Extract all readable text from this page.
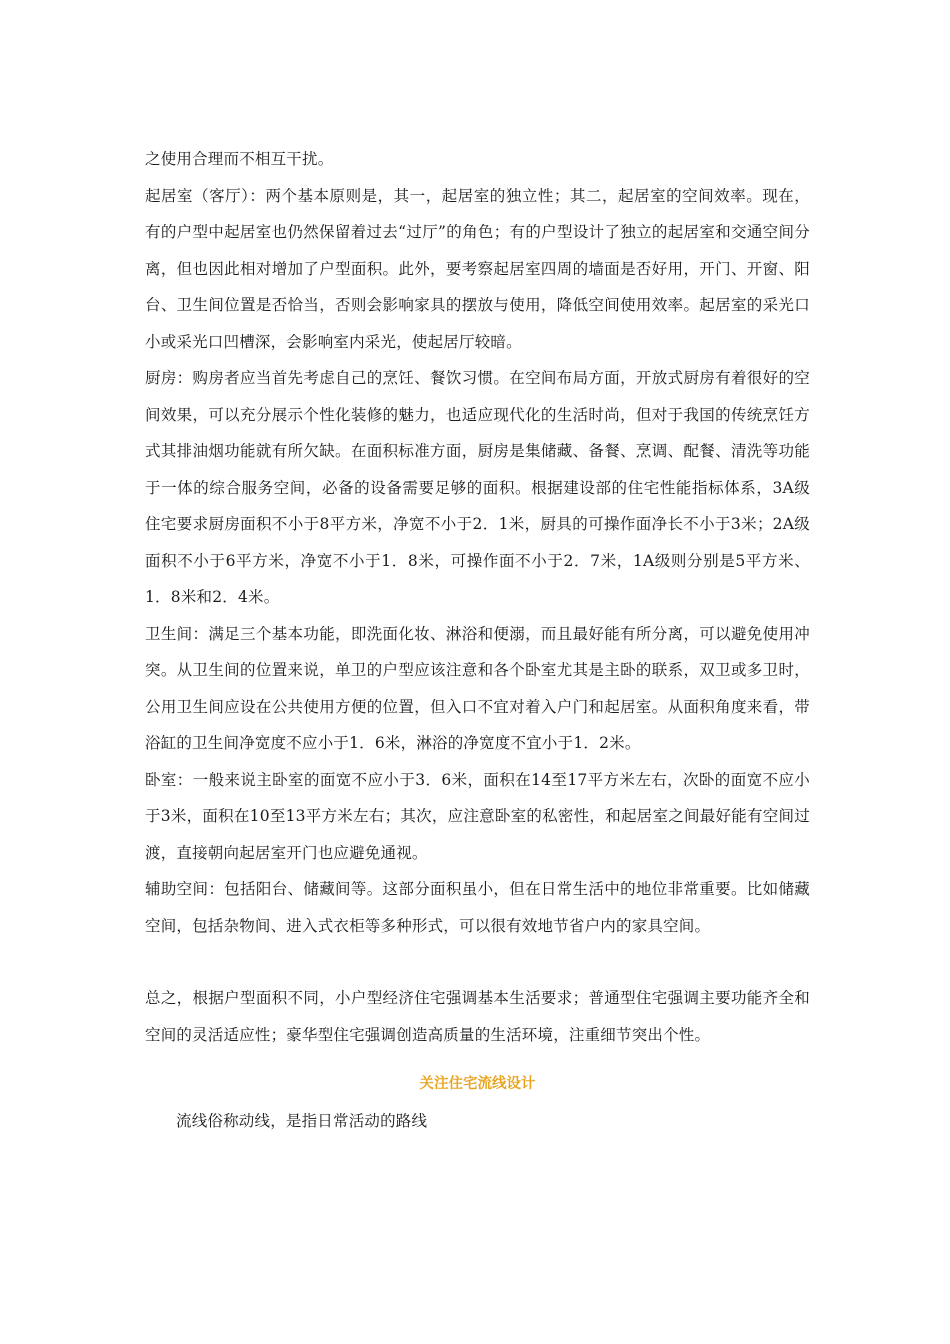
之使用合理而不相互干扰。

起居室（客厅）：两个基本原则是，其一，起居室的独立性；其二，起居室的空间效率。现在，有的户型中起居室也仍然保留着过去“过厅”的角色；有的户型设计了独立的起居室和交通空间分离，但也因此相对增加了户型面积。此外，要考察起居室四周的墙面是否好用，开门、开窗、阳台、卫生间位置是否恰当，否则会影响家具的摆放与使用，降低空间使用效率。起居室的采光口小或采光口凹槽深，会影响室内采光，使起居厅较暗。

厨房：购房者应当首先考虑自己的烹饪、餐饮习惯。在空间布局方面，开放式厨房有着很好的空间效果，可以充分展示个性化装修的魅力，也适应现代化的生活时尚，但对于我国的传统烹饪方式其排油烟功能就有所欠缺。在面积标准方面，厨房是集储藏、备餐、烹调、配餐、清洗等功能于一体的综合服务空间，必备的设备需要足够的面积。根据建设部的住宅性能指标体系，3A级住宅要求厨房面积不小于8平方米，净宽不小于2．1米，厨具的可操作面净长不小于3米；2A级面积不小于6平方米，净宽不小于1．8米，可操作面不小于2．7米，1A级则分别是5平方米、1．8米和2．4米。

卫生间：满足三个基本功能，即洗面化妆、淋浴和便溺，而且最好能有所分离，可以避免使用冲突。从卫生间的位置来说，单卫的户型应该注意和各个卧室尤其是主卧的联系，双卫或多卫时，公用卫生间应设在公共使用方便的位置，但入口不宜对着入户门和起居室。从面积角度来看，带浴缸的卫生间净宽度不应小于1．6米，淋浴的净宽度不宜小于1．2米。

卧室：一般来说主卧室的面宽不应小于3．6米，面积在14至17平方米左右，次卧的面宽不应小于3米，面积在10至13平方米左右；其次，应注意卧室的私密性，和起居室之间最好能有空间过渡，直接朝向起居室开门也应避免通视。

辅助空间：包括阳台、储藏间等。这部分面积虽小，但在日常生活中的地位非常重要。比如储藏空间，包括杂物间、进入式衣柜等多种形式，可以很有效地节省户内的家具空间。

总之，根据户型面积不同，小户型经济住宅强调基本生活要求；普通型住宅强调主要功能齐全和空间的灵活适应性；豪华型住宅强调创造高质量的生活环境，注重细节突出个性。

关注住宅流线设计

流线俗称动线，是指日常活动的路线
